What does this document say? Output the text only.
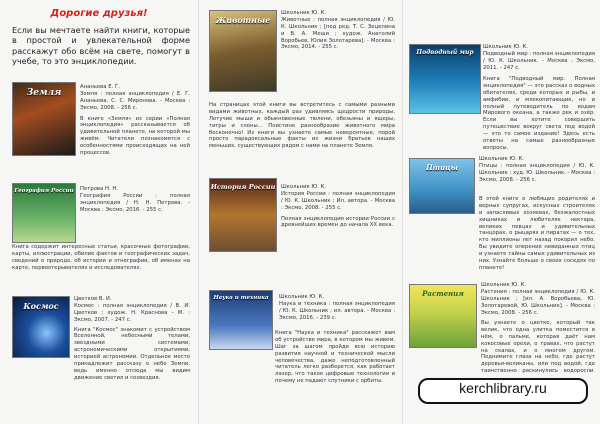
Дорогие друзья!
Если вы мечтаете найти книги, которые в простой и увлекательной форме расскажут обо всём на свете, помогут в учебе, то это энциклопедии.
Земля
Ананьева Е. Г.
Земля : полная энциклопедия / Е. Г. Ананьева, С. С. Миронова. - Москва : Эксмо, 2008. - 256 с.
В книге «Земля» из серии «Полная энциклопедия» рассказывается об удивительной планете, на которой мы живём. Читатели познакомятся с особенностями происходящих на ней процессов.
География России Петрова Н. Н.
География России : полная энциклопедия / Н. Н. Петрова. - Москва : Эксмо, 2016. - 255 с.
Книга содержит интересные статьи, красочные фотографии, карты, иллюстрации, обилие фактов и географических задач, сведений о природе, об истории и этнографии, об именах на карте, первооткрывателях и исследователях.
Космос
Цветков В. И.
Космос : полная энциклопедия / В. И. Цветков ; худож. Н. Краснова - М. : Эксмо, 2007. - 247 с.
Книга "Космос" знакомит с устройством Вселенной, небесными телами, звездными системами, астрономическими открытиями, историей астрономии. Отдельное место принадлежит рассказу о небе Земли, ведь именно отсюда мы видим движение светил и созвездия.
Животные
Школьник Ю. К.
Животные : полная энциклопедия / Ю. К. Школьник ; [под ред. Т. С. Зецепина и В. А. Меши ; худож. Анатолий Воробьев, Юлия Золотарева]. - Москва : Эксмо, 2014. - 255 с.
На страницах этой книги вы встретитесь с самыми разными видами животных, каждый раз удивляясь щедрости природы. Летучие мыши и обыкновенные тюлени, обезьяны и ящеры, тигры и слоны... Поистине разнообразие животного мира бесконечно! Из книги вы узнаете самые невероятные, порой просто парадоксальные факты из жизни братьев наших меньших, существующих рядом с нами на планете Земля.
История России Школьник Ю. К.
История России : полная энциклопедия / Ю. К. Школьник ; Ил. автора. - Москва : Эксмо, 2008. - 255 с.
Полная энциклопедия истории России с древнейших времен до начала XX века.
Наука и техника	Школьник Ю. К.
Наука и техника : полная энциклопедия / Ю. К. Школьник ; ил. автора. - Москва : Эксмо, 2016. - 239 с.
Книга "Наука и техника" расскажет вам об устройстве мира, в котором мы живем. Шаг за шагом пройдя всю историю развития научной и технической мысли человечества, даже неподготовленный читатель легко разберется, как работает лазер, что такое цифровые технологии и почему не падают спутники с орбиты.
Подводный мир
Школьник Ю. К.
Подводный мир : полная энциклопедия / Ю. К. Школьник. - Москва : Эксмо, 2011. - 247 с.
Книга "Подводный мир. Полная энциклопедия" — это рассказ о водных обитателях, среди которых и рыбы, и амфибии, и млекопитающие, но и полный путеводитель по водам Мирового океана, а также рек и озёр. Если вы хотите совершить путешествие вокруг света под водой — это то самое издание! Здесь есть ответы на самые разнообразные вопросы.
Птицы
Школьник Ю. К.
Птицы : полная энциклопедия / Ю. К. Школьник ; худ. Ю. Школьник. - Москва : Эксмо, 2008. - 256 с.
В этой книге о любящих родителях и верных супругах, искусных строителях и запасливых хозяевах, безжалостных хищниках и любителях нектара, великих певцах и удивительных танцорах, о рыцарях и пиратах — о тех, кто миллионы лет назад покорил небо. Вы увидите оперение невиданных птиц и узнаете тайны самых удивительных из них. Узнайте больше о своих соседях по планете!
Растения
Школьник Ю. К.
Растения : полная энциклопедия / Ю. К. Школьник ; [ил. А. Воробьева, Ю. Золотаревой, Ю. Школьник]. - Москва : Эксмо, 2008. - 256 с.
Вы узнаете о цветке, который так велик, что одна улитка поместится в нём, о пальме, которая даёт нам кокосовые орехи, о травах, что растут на скалах, и о многом другом. Поднимите глаза на небо, где растут деревья-великаны, или под водой, где таинственно раскинулись водоросли.
kerchlibrary.ru
